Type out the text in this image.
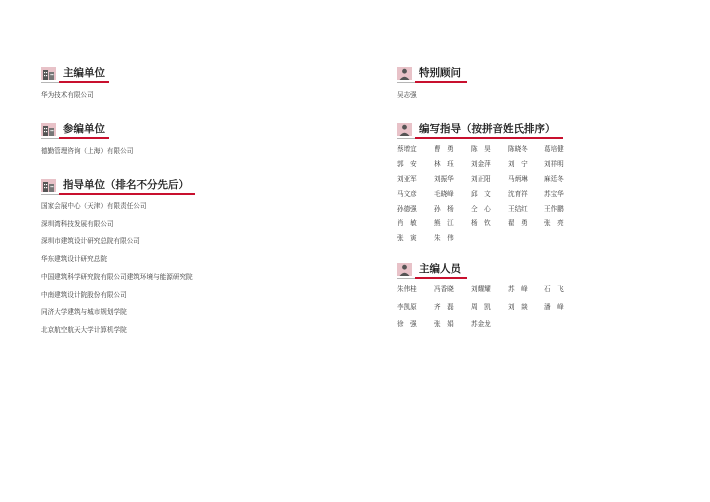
主编单位
华为技术有限公司
参编单位
德勤管理咨询（上海）有限公司
指导单位（排名不分先后）
国家会展中心（天津）有限责任公司
深圳湾科技发展有限公司
深圳市建筑设计研究总院有限公司
华东建筑设计研究总院
中国建筑科学研究院有限公司建筑环境与能源研究院
中南建筑设计院股份有限公司
同济大学建筑与城市规划学院
北京航空航天大学计算机学院
特别顾问
吴志强
编写指导（按拼音姓氏排序）
蔡增宜	曹　勇	陈　昊	陈晓冬 葛培健
郭　安	林　珏	刘金萍	刘　宁 刘祥明
刘亚军	刘振华	刘正阳	马炳琳 麻廷冬
马文彦	毛晓峰	邱　文	沈育祥 苏宝华
孙德强	孙　杨	仝　心	王结红 王作鹏
肖　敏	熊　江	杨　钦	翟　勇 张　亮
张　寅	朱　伟
主编人员
朱伟桂	冯香晓	刘耀耀	苏　峰 石　飞
李凯原	齐　磊	周　凯	刘　燚 潘　峰
徐　强	张　娟	苏金龙
